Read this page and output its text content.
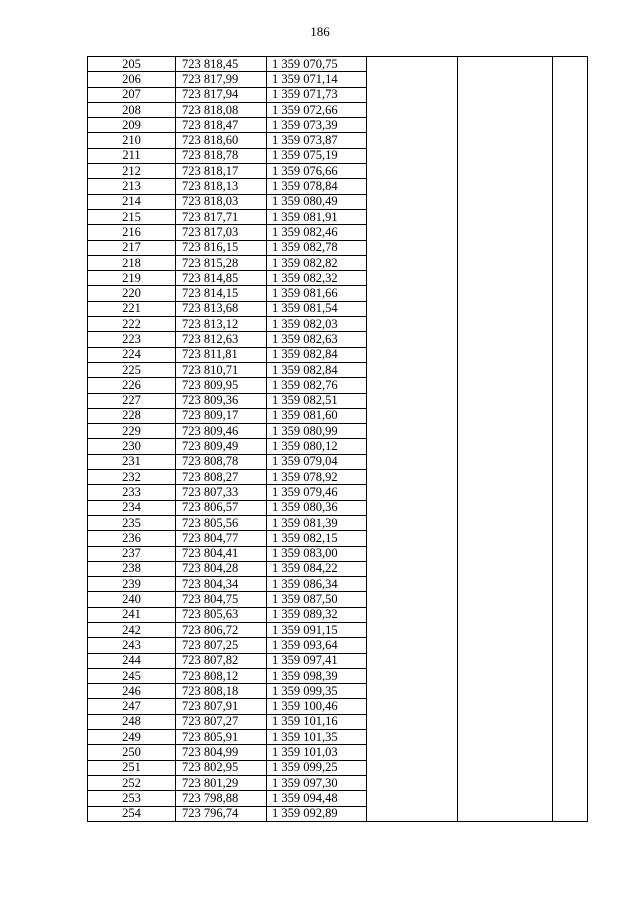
186
205	723 818,45	1 359 070,75			
206	723 817,99	1 359 071,14			
207	723 817,94	1 359 071,73			
208	723 818,08	1 359 072,66			
209	723 818,47	1 359 073,39			
210	723 818,60	1 359 073,87			
211	723 818,78	1 359 075,19			
212	723 818,17	1 359 076,66			
213	723 818,13	1 359 078,84			
214	723 818,03	1 359 080,49			
215	723 817,71	1 359 081,91			
216	723 817,03	1 359 082,46			
217	723 816,15	1 359 082,78			
218	723 815,28	1 359 082,82			
219	723 814,85	1 359 082,32			
220	723 814,15	1 359 081,66			
221	723 813,68	1 359 081,54			
222	723 813,12	1 359 082,03			
223	723 812,63	1 359 082,63			
224	723 811,81	1 359 082,84			
225	723 810,71	1 359 082,84			
226	723 809,95	1 359 082,76			
227	723 809,36	1 359 082,51			
228	723 809,17	1 359 081,60			
229	723 809,46	1 359 080,99			
230	723 809,49	1 359 080,12			
231	723 808,78	1 359 079,04			
232	723 808,27	1 359 078,92			
233	723 807,33	1 359 079,46			
234	723 806,57	1 359 080,36			
235	723 805,56	1 359 081,39			
236	723 804,77	1 359 082,15			
237	723 804,41	1 359 083,00			
238	723 804,28	1 359 084,22			
239	723 804,34	1 359 086,34			
240	723 804,75	1 359 087,50			
241	723 805,63	1 359 089,32			
242	723 806,72	1 359 091,15			
243	723 807,25	1 359 093,64			
244	723 807,82	1 359 097,41			
245	723 808,12	1 359 098,39			
246	723 808,18	1 359 099,35			
247	723 807,91	1 359 100,46			
248	723 807,27	1 359 101,16			
249	723 805,91	1 359 101,35			
250	723 804,99	1 359 101,03			
251	723 802,95	1 359 099,25			
252	723 801,29	1 359 097,30			
253	723 798,88	1 359 094,48			
254	723 796,74	1 359 092,89			
